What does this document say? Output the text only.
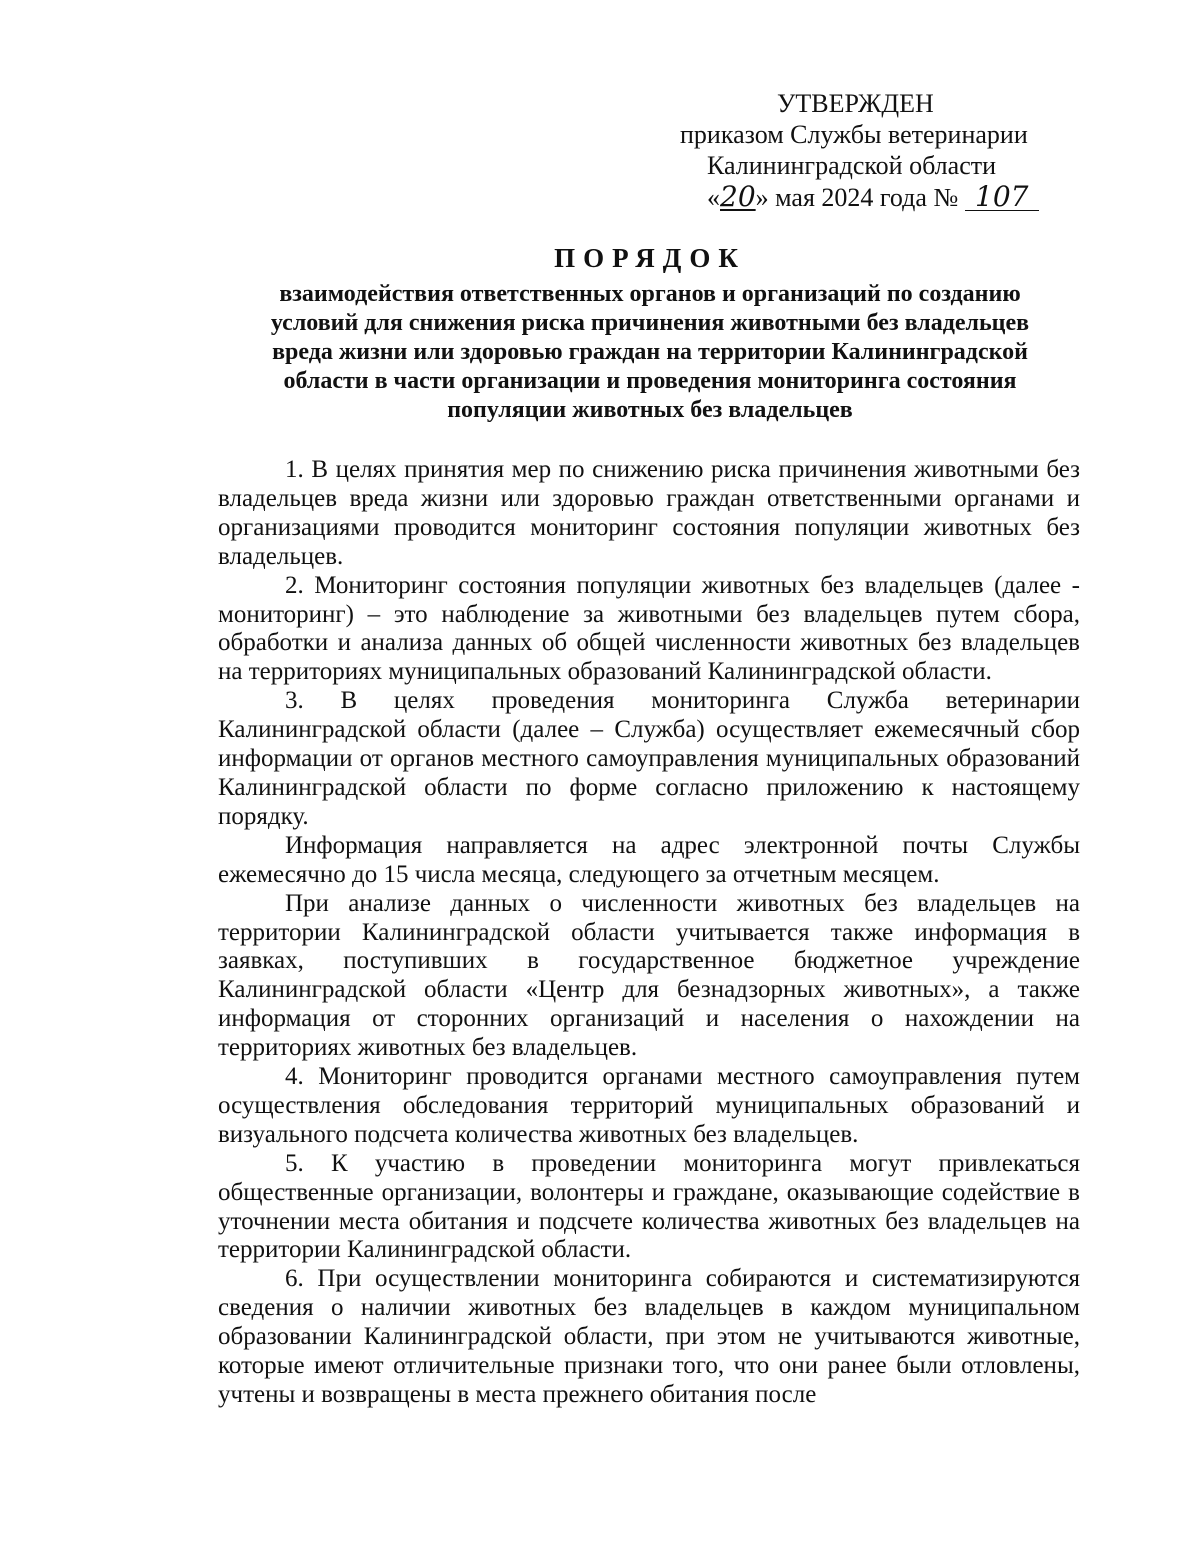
УТВЕРЖДЕН
приказом Службы ветеринарии
Калининградской области
«20» мая 2024 года № 107
ПОРЯДОК
взаимодействия ответственных органов и организаций по созданию
условий для снижения риска причинения животными без владельцев
вреда жизни или здоровью граждан на территории Калининградской
области в части организации и проведения мониторинга состояния
популяции животных без владельцев

1. В целях принятия мер по снижению риска причинения животными без владельцев вреда жизни или здоровью граждан ответственными органами и организациями проводится мониторинг состояния популяции животных без владельцев.

2. Мониторинг состояния популяции животных без владельцев (далее - мониторинг) – это наблюдение за животными без владельцев путем сбора, обработки и анализа данных об общей численности животных без владельцев на территориях муниципальных образований Калининградской области.

3. В целях проведения мониторинга Служба ветеринарии Калининградской области (далее – Служба) осуществляет ежемесячный сбор информации от органов местного самоуправления муниципальных образований Калининградской области по форме согласно приложению к настоящему порядку.

Информация направляется на адрес электронной почты Службы ежемесячно до 15 числа месяца, следующего за отчетным месяцем.

При анализе данных о численности животных без владельцев на территории Калининградской области учитывается также информация в заявках, поступивших в государственное бюджетное учреждение Калининградской области «Центр для безнадзорных животных», а также информация от сторонних организаций и населения о нахождении на территориях животных без владельцев.

4. Мониторинг проводится органами местного самоуправления путем осуществления обследования территорий муниципальных образований и визуального подсчета количества животных без владельцев.

5. К участию в проведении мониторинга могут привлекаться общественные организации, волонтеры и граждане, оказывающие содействие в уточнении места обитания и подсчете количества животных без владельцев на территории Калининградской области.

6. При осуществлении мониторинга собираются и систематизируются сведения о наличии животных без владельцев в каждом муниципальном образовании Калининградской области, при этом не учитываются животные, которые имеют отличительные признаки того, что они ранее были отловлены, учтены и возвращены в места прежнего обитания после
